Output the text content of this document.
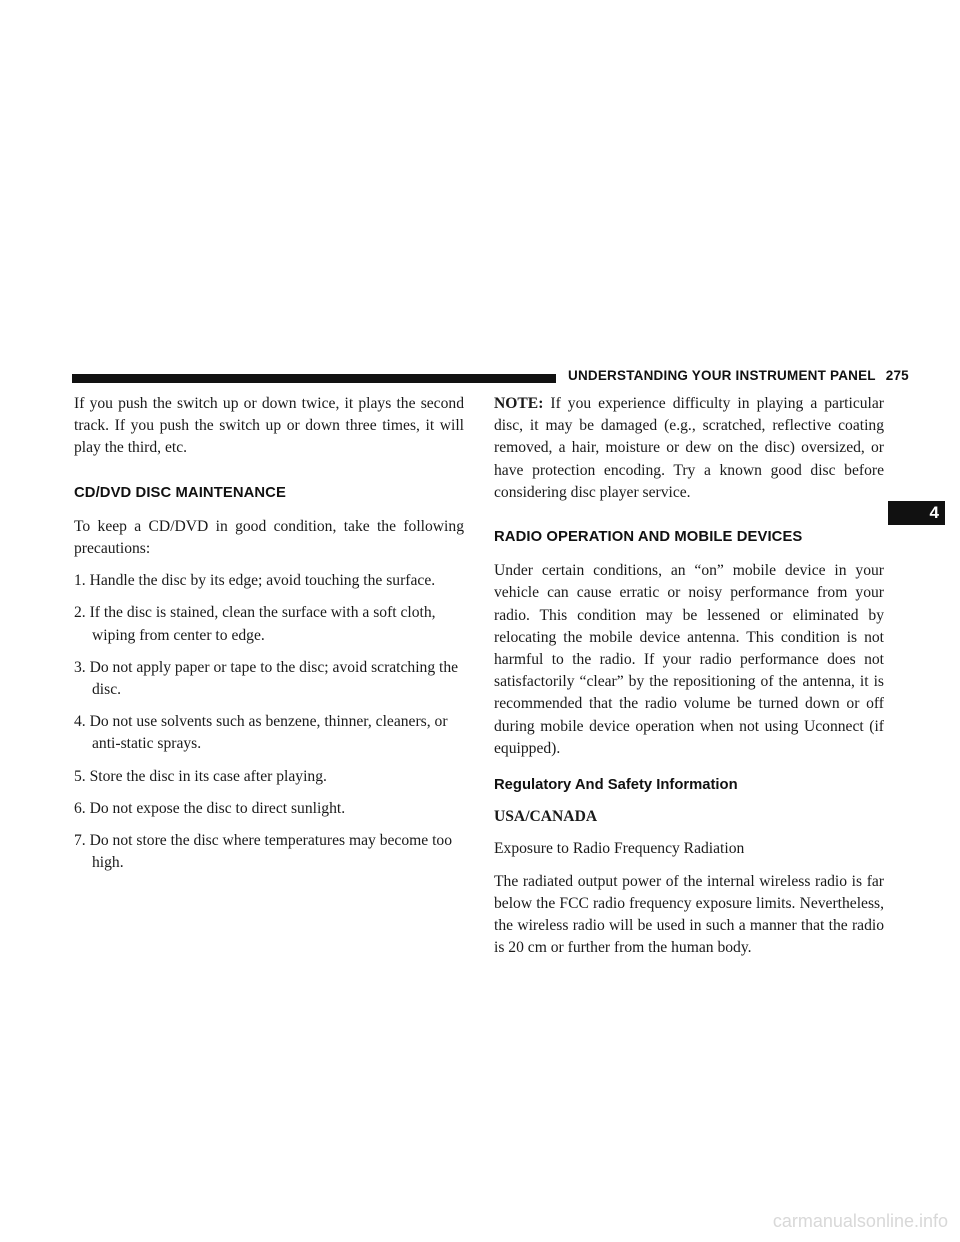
UNDERSTANDING YOUR INSTRUMENT PANEL 275
4

If you push the switch up or down twice, it plays the second track. If you push the switch up or down three times, it will play the third, etc.

CD/DVD DISC MAINTENANCE

To keep a CD/DVD in good condition, take the following precautions:

1. Handle the disc by its edge; avoid touching the surface.
2. If the disc is stained, clean the surface with a soft cloth, wiping from center to edge.
3. Do not apply paper or tape to the disc; avoid scratching the disc.
4. Do not use solvents such as benzene, thinner, cleaners, or anti-static sprays.
5. Store the disc in its case after playing.
6. Do not expose the disc to direct sunlight.
7. Do not store the disc where temperatures may become too high.

NOTE: If you experience difficulty in playing a particular disc, it may be damaged (e.g., scratched, reflective coating removed, a hair, moisture or dew on the disc) oversized, or have protection encoding. Try a known good disc before considering disc player service.

RADIO OPERATION AND MOBILE DEVICES

Under certain conditions, an “on” mobile device in your vehicle can cause erratic or noisy performance from your radio. This condition may be lessened or eliminated by relocating the mobile device antenna. This condition is not harmful to the radio. If your radio performance does not satisfactorily “clear” by the repositioning of the antenna, it is recommended that the radio volume be turned down or off during mobile device operation when not using Uconnect (if equipped).

Regulatory And Safety Information

USA/CANADA

Exposure to Radio Frequency Radiation

The radiated output power of the internal wireless radio is far below the FCC radio frequency exposure limits. Nevertheless, the wireless radio will be used in such a manner that the radio is 20 cm or further from the human body.

carmanualsonline.info
